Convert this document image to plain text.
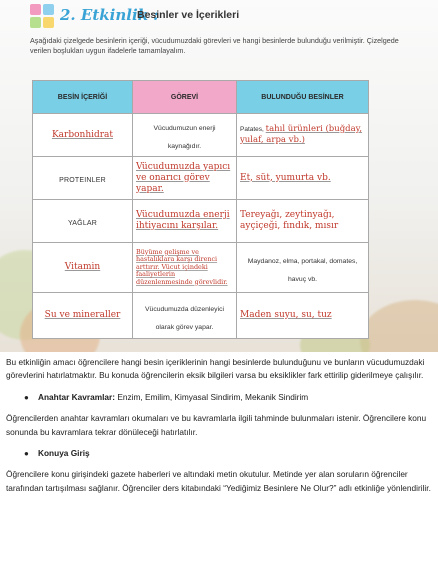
2. Etkinlik :
Besinler ve İçerikleri
Aşağıdaki çizelgede besinlerin içeriği, vücudumuzdaki görevleri ve hangi besinlerde bulunduğu verilmiştir. Çizelgede verilen boşlukları uygun ifadelerle tamamlayalım.
BESİN İÇERİĞİ	GÖREVİ	BULUNDUĞU BESİNLER

Karbonhidrat	Vücudumuzun enerji kaynağıdır.	Patates, tahıl ürünleri (buğday, yulaf, arpa vb.)

PROTEINLER	Vücudumuzda yapıcı ve onarıcı görev yapar.	Et, süt, yumurta vb.

YAĞLAR	Vücudumuzda enerji ihtiyacını karşılar.	Tereyağı, zeytinyağı, ayçiçeği, fındık, mısır

Vitamin	Büyüme gelişme ve hastalıklara karşı direnci arttırır. Vücut içindeki faaliyetlerin düzenlenmesinde görevlidir.	Maydanoz, elma, portakal, domates, havuç vb.

Su ve mineraller	Vücudumuzda düzenleyici olarak görev yapar.	Maden suyu, su, tuz

Bu etkinliğin amacı öğrencilere hangi besin içeriklerinin hangi besinlerde bulunduğunu ve bunların vücudumuzdaki görevlerini hatırlatmaktır. Bu konuda öğrencilerin eksik bilgileri varsa bu eksiklikler fark ettirilip giderilmeye çalışılır.

●	Anahtar Kavramlar: Enzim, Emilim, Kimyasal Sindirim, Mekanik Sindirim

Öğrencilerden anahtar kavramları okumaları ve bu kavramlarla ilgili tahminde bulunmaları istenir. Öğrencilere konu sonunda bu kavramlara tekrar dönüleceği hatırlatılır.

●	Konuya Giriş

Öğrencilere konu girişindeki gazete haberleri ve altındaki metin okutulur. Metinde yer alan soruların öğrenciler tarafından tartışılması sağlanır. Öğrenciler ders kitabındaki “Yediğimiz Besinlere Ne Olur?” adlı etkinliğe yönlendirilir.
